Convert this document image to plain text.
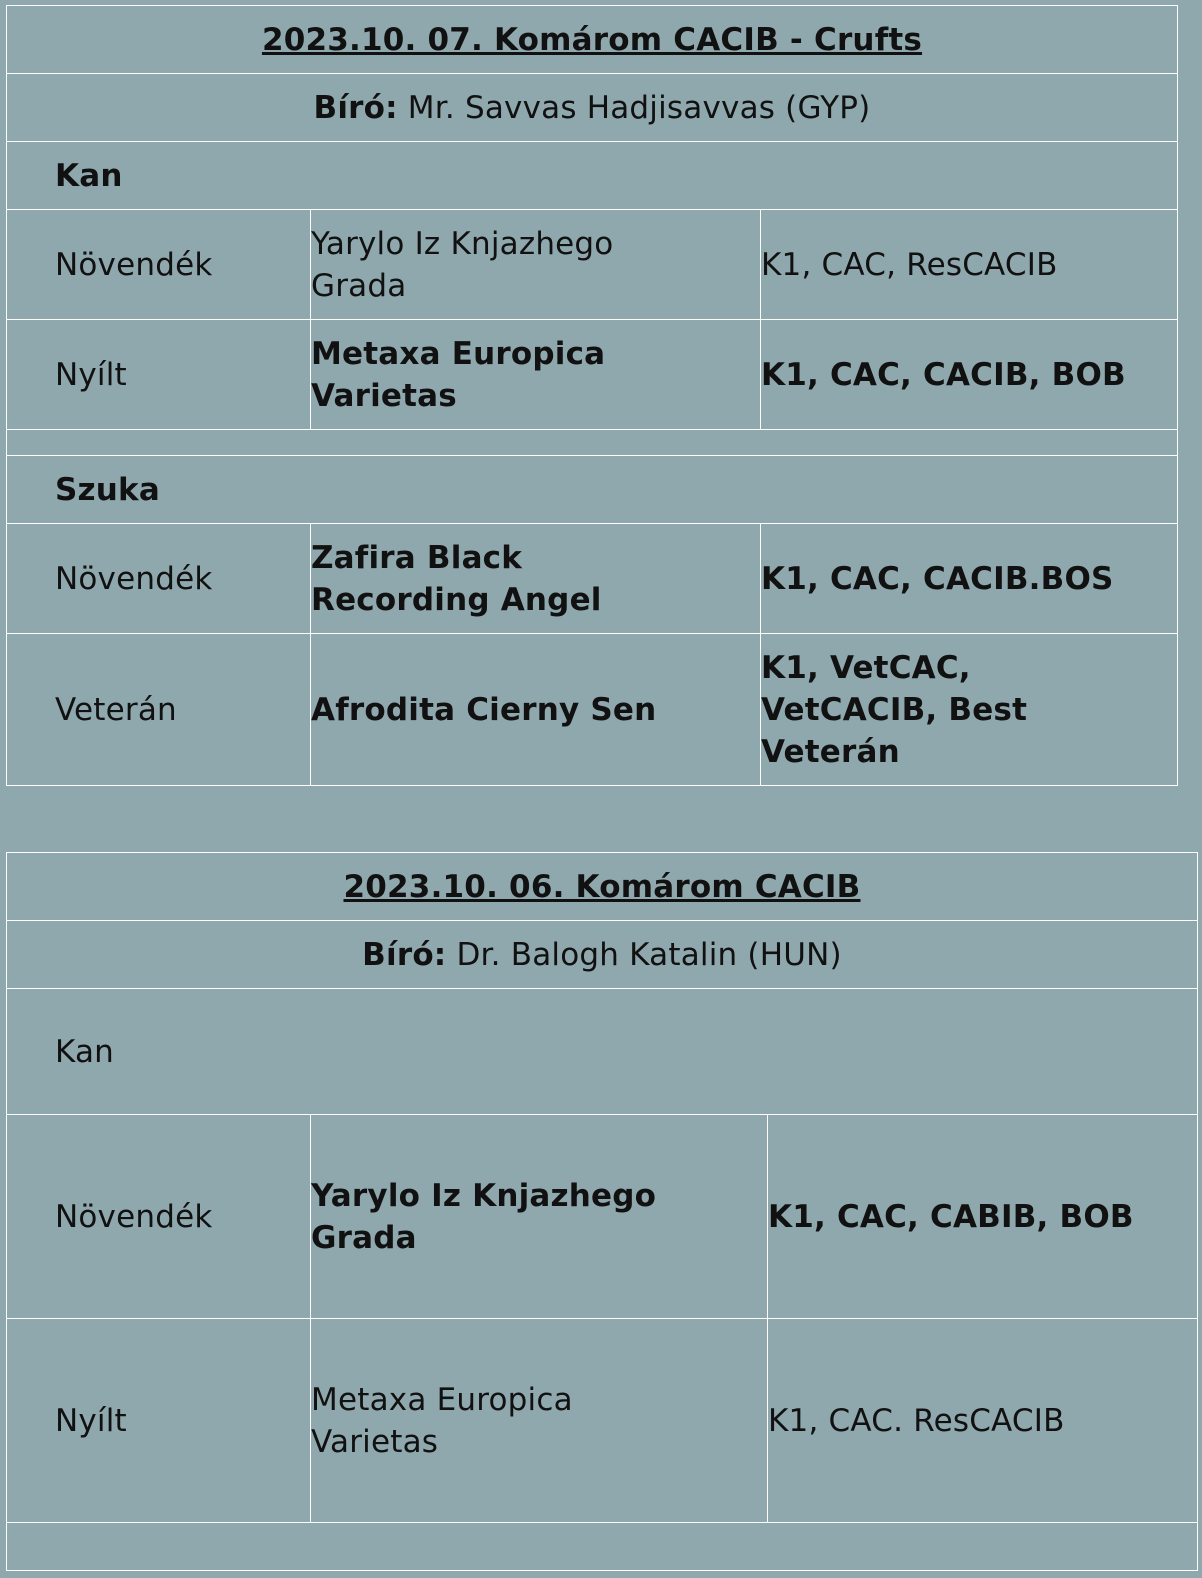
2023.10. 07. Komárom CACIB - Crufts		
Bíró: Mr. Savvas Hadjisavvas (GYP)		
Kan		
Növendék	Yarylo Iz Knjazhego Grada	K1, CAC, ResCACIB
Nyílt	Metaxa Europica Varietas	K1, CAC, CACIB, BOB

Szuka		
Növendék	Zafira Black Recording Angel	K1, CAC, CACIB.BOS
Veterán	Afrodita Cierny Sen	K1, VetCAC, VetCACIB, Best Veterán
2023.10. 06. Komárom CACIB		
Bíró: Dr. Balogh Katalin (HUN)		
Kan		
Növendék	Yarylo Iz Knjazhego Grada	K1, CAC, CABIB, BOB
Nyílt	Metaxa Europica Varietas	K1, CAC. ResCACIB
